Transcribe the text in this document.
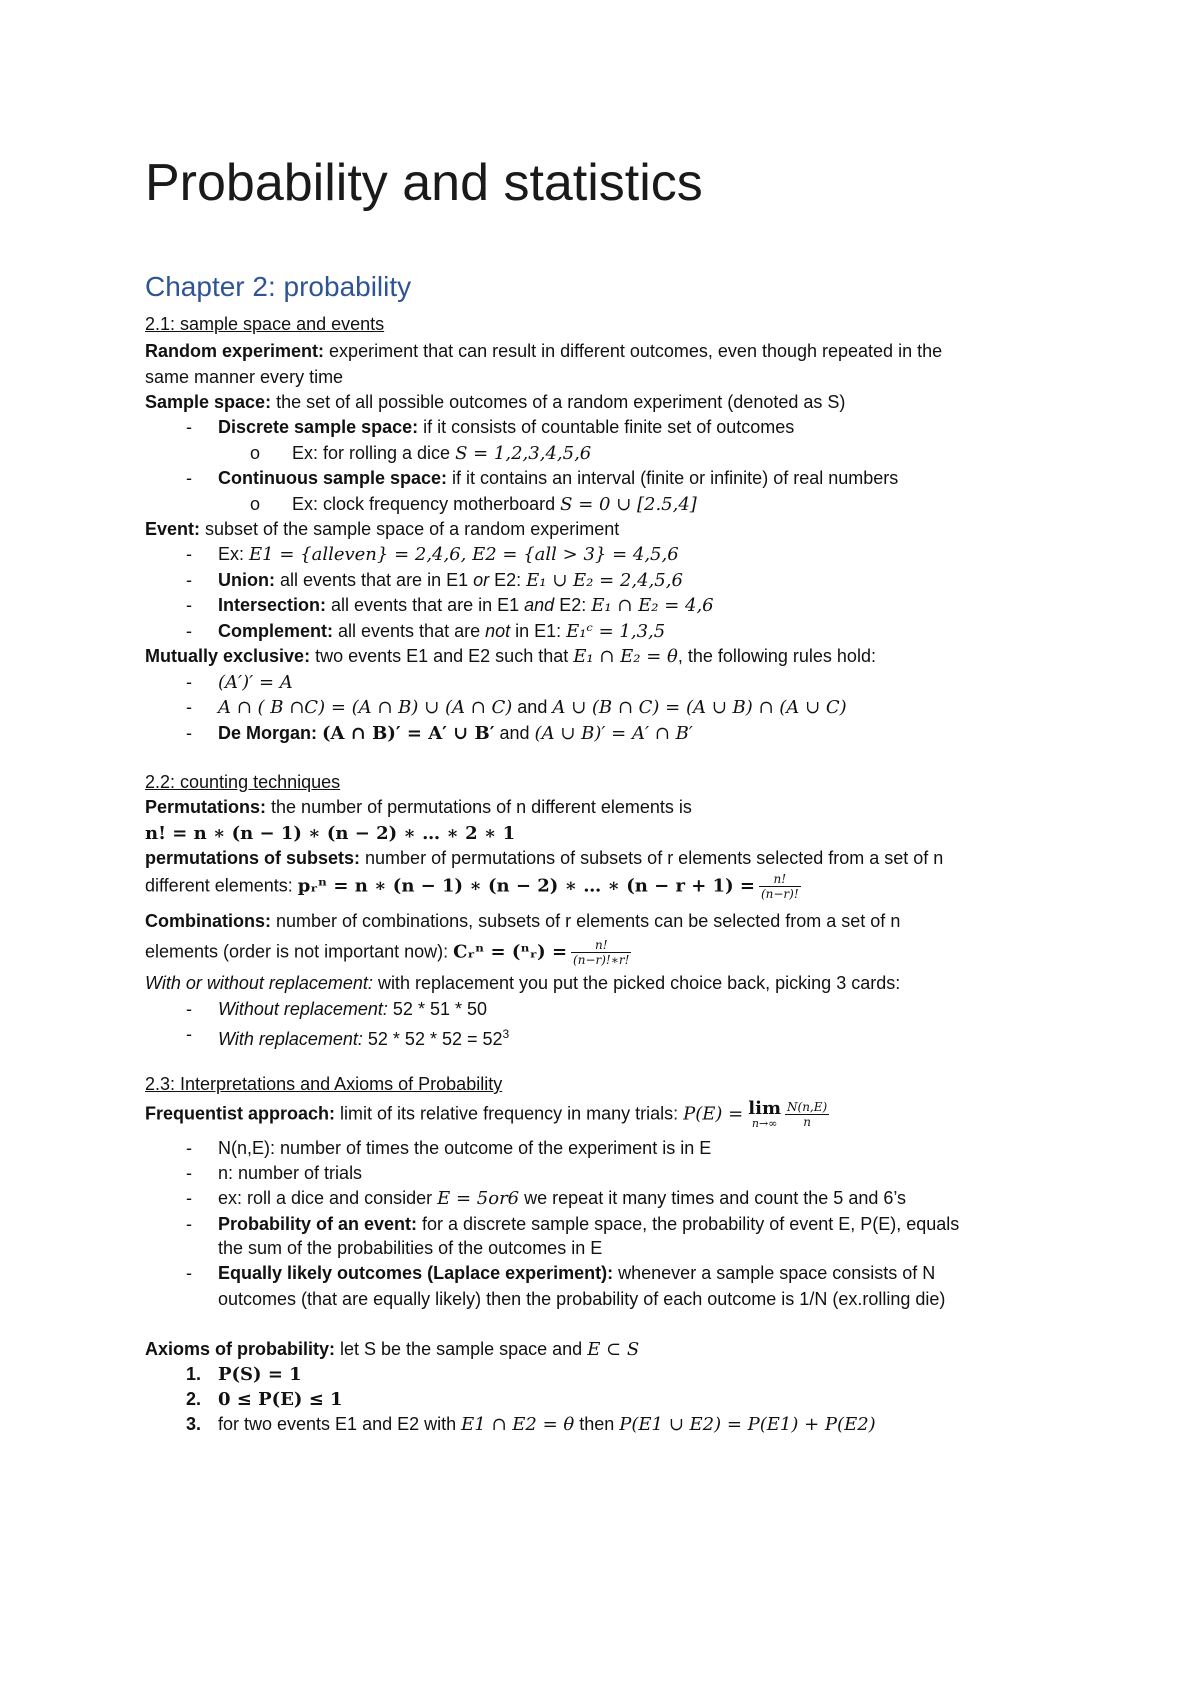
Probability and statistics
Chapter 2: probability
2.1: sample space and events
Random experiment: experiment that can result in different outcomes, even though repeated in the
same manner every time
Sample space: the set of all possible outcomes of a random experiment (denoted as S)
- Discrete sample space: if it consists of countable finite set of outcomes
o Ex: for rolling a dice S = 1,2,3,4,5,6
- Continuous sample space: if it contains an interval (finite or infinite) of real numbers
o Ex: clock frequency motherboard S = 0 ∪ [2.5,4]
Event: subset of the sample space of a random experiment
- Ex: E1 = {alleven} = 2,4,6, E2 = {all > 3} = 4,5,6
- Union: all events that are in E1 or E2: E₁ ∪ E₂ = 2,4,5,6
- Intersection: all events that are in E1 and E2: E₁ ∩ E₂ = 4,6
- Complement: all events that are not in E1: E₁ᶜ = 1,3,5
Mutually exclusive: two events E1 and E2 such that E₁ ∩ E₂ = θ, the following rules hold:
- (A′)′ = A
- A ∩ ( B ∩C) = (A ∩ B) ∪ (A ∩ C) and A ∪ (B ∩ C) = (A ∪ B) ∩ (A ∪ C)
- De Morgan: (A ∩ B)′ = A′ ∪ B′ and (A ∪ B)′ = A′ ∩ B′
2.2: counting techniques
Permutations: the number of permutations of n different elements is
n! = n ∗ (n − 1) ∗ (n − 2) ∗ … ∗ 2 ∗ 1
permutations of subsets: number of permutations of subsets of r elements selected from a set of n
different elements: pᵣⁿ = n ∗ (n − 1) ∗ (n − 2) ∗ … ∗ $(n - r + 1) = \frac{n!}{(n-r)!}$
Combinations: number of combinations, subsets of r elements can be selected from a set of n
elements (order is not important now): Cᵣⁿ = (ⁿᵣ) = $\frac{n!}{(n-r)!∗r!}$
With or without replacement: with replacement you put the picked choice back, picking 3 cards:
- Without replacement: 52 * 51 * 50
- With replacement: $52 * 52 * 52 = 52^3$
2.3: Interpretations and Axioms of Probability
Frequentist approach: limit of its relative frequency in many trials: P(E) = lim
$n\to\infty \frac{N(n,E)}{n}$
- N(n,E): number of times the outcome of the experiment is in E
- n: number of trials
- ex: roll a dice and consider E = 5or6 we repeat it many times and count the 5 and 6’s
- Probability of an event: for a discrete sample space, the probability of event E, P(E), equals
the sum of the probabilities of the outcomes in E
- Equally likely outcomes (Laplace experiment): whenever a sample space consists of N
outcomes (that are equally likely) then the probability of each outcome is 1/N (ex.rolling die)
Axioms of probability: let S be the sample space and E ⊂ S
1. P(S) = 1
2. 0 ≤ P(E) ≤ 1
3. for two events E1 and E2 with E1 ∩ E2 = θ then P(E1 ∪ E2) = P(E1) + P(E2)
